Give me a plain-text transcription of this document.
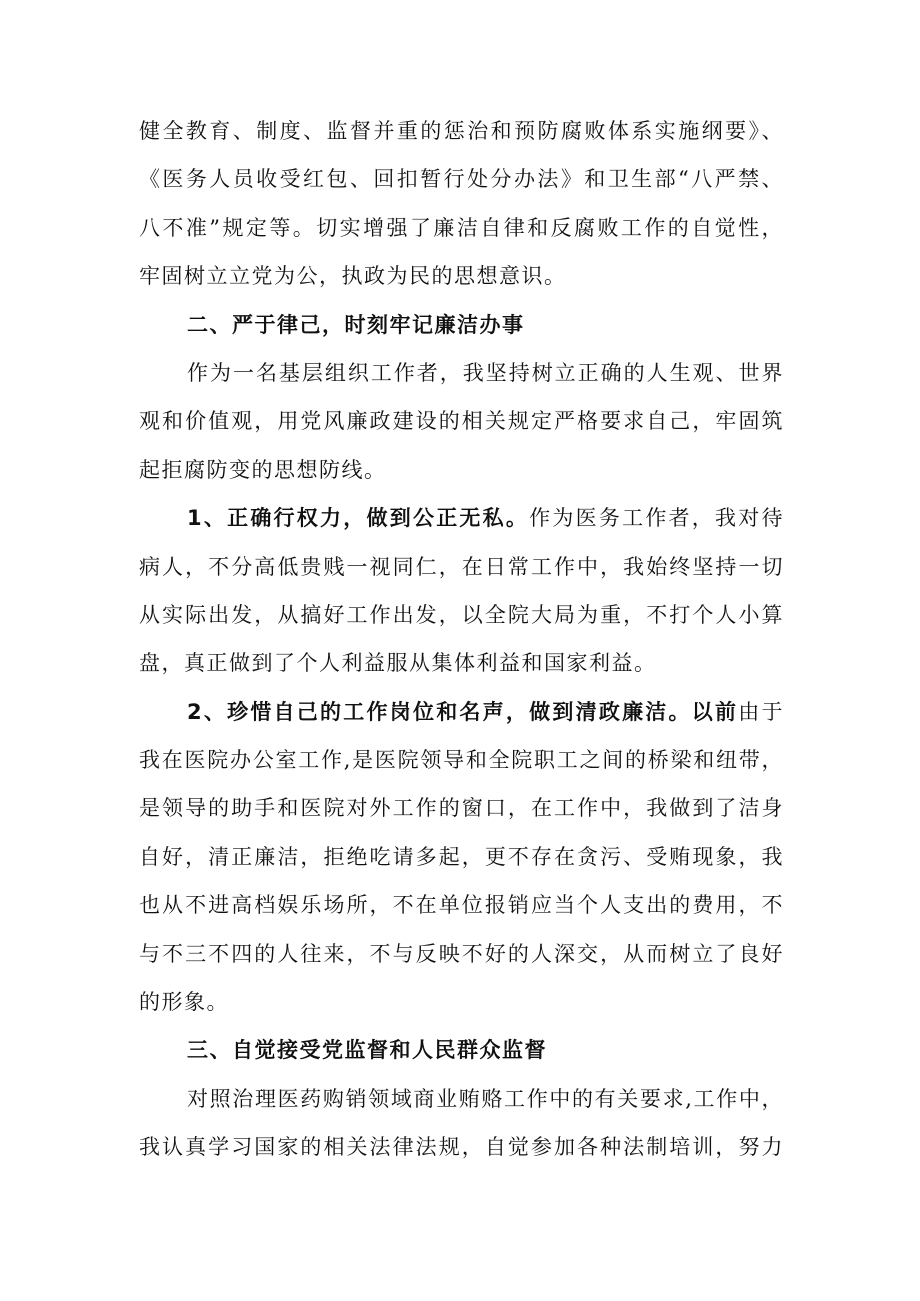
健全教育、制度、监督并重的惩治和预防腐败体系实施纲要》、
《医务人员收受红包、回扣暂行处分办法》和卫生部“八严禁、
八不准”规定等。切实增强了廉洁自律和反腐败工作的自觉性，
牢固树立立党为公，执政为民的思想意识。
二、严于律己，时刻牢记廉洁办事
作为一名基层组织工作者，我坚持树立正确的人生观、世界
观和价值观，用党风廉政建设的相关规定严格要求自己，牢固筑
起拒腐防变的思想防线。
1、正确行权力，做到公正无私。作为医务工作者，我对待
病人，不分高低贵贱一视同仁，在日常工作中，我始终坚持一切
从实际出发，从搞好工作出发，以全院大局为重，不打个人小算
盘，真正做到了个人利益服从集体利益和国家利益。
2、珍惜自己的工作岗位和名声，做到清政廉洁。以前由于
我在医院办公室工作,是医院领导和全院职工之间的桥梁和纽带，
是领导的助手和医院对外工作的窗口，在工作中，我做到了洁身
自好，清正廉洁，拒绝吃请多起，更不存在贪污、受贿现象，我
也从不进高档娱乐场所，不在单位报销应当个人支出的费用，不
与不三不四的人往来，不与反映不好的人深交，从而树立了良好
的形象。
三、自觉接受党监督和人民群众监督
对照治理医药购销领域商业贿赂工作中的有关要求,工作中，
我认真学习国家的相关法律法规，自觉参加各种法制培训，努力
